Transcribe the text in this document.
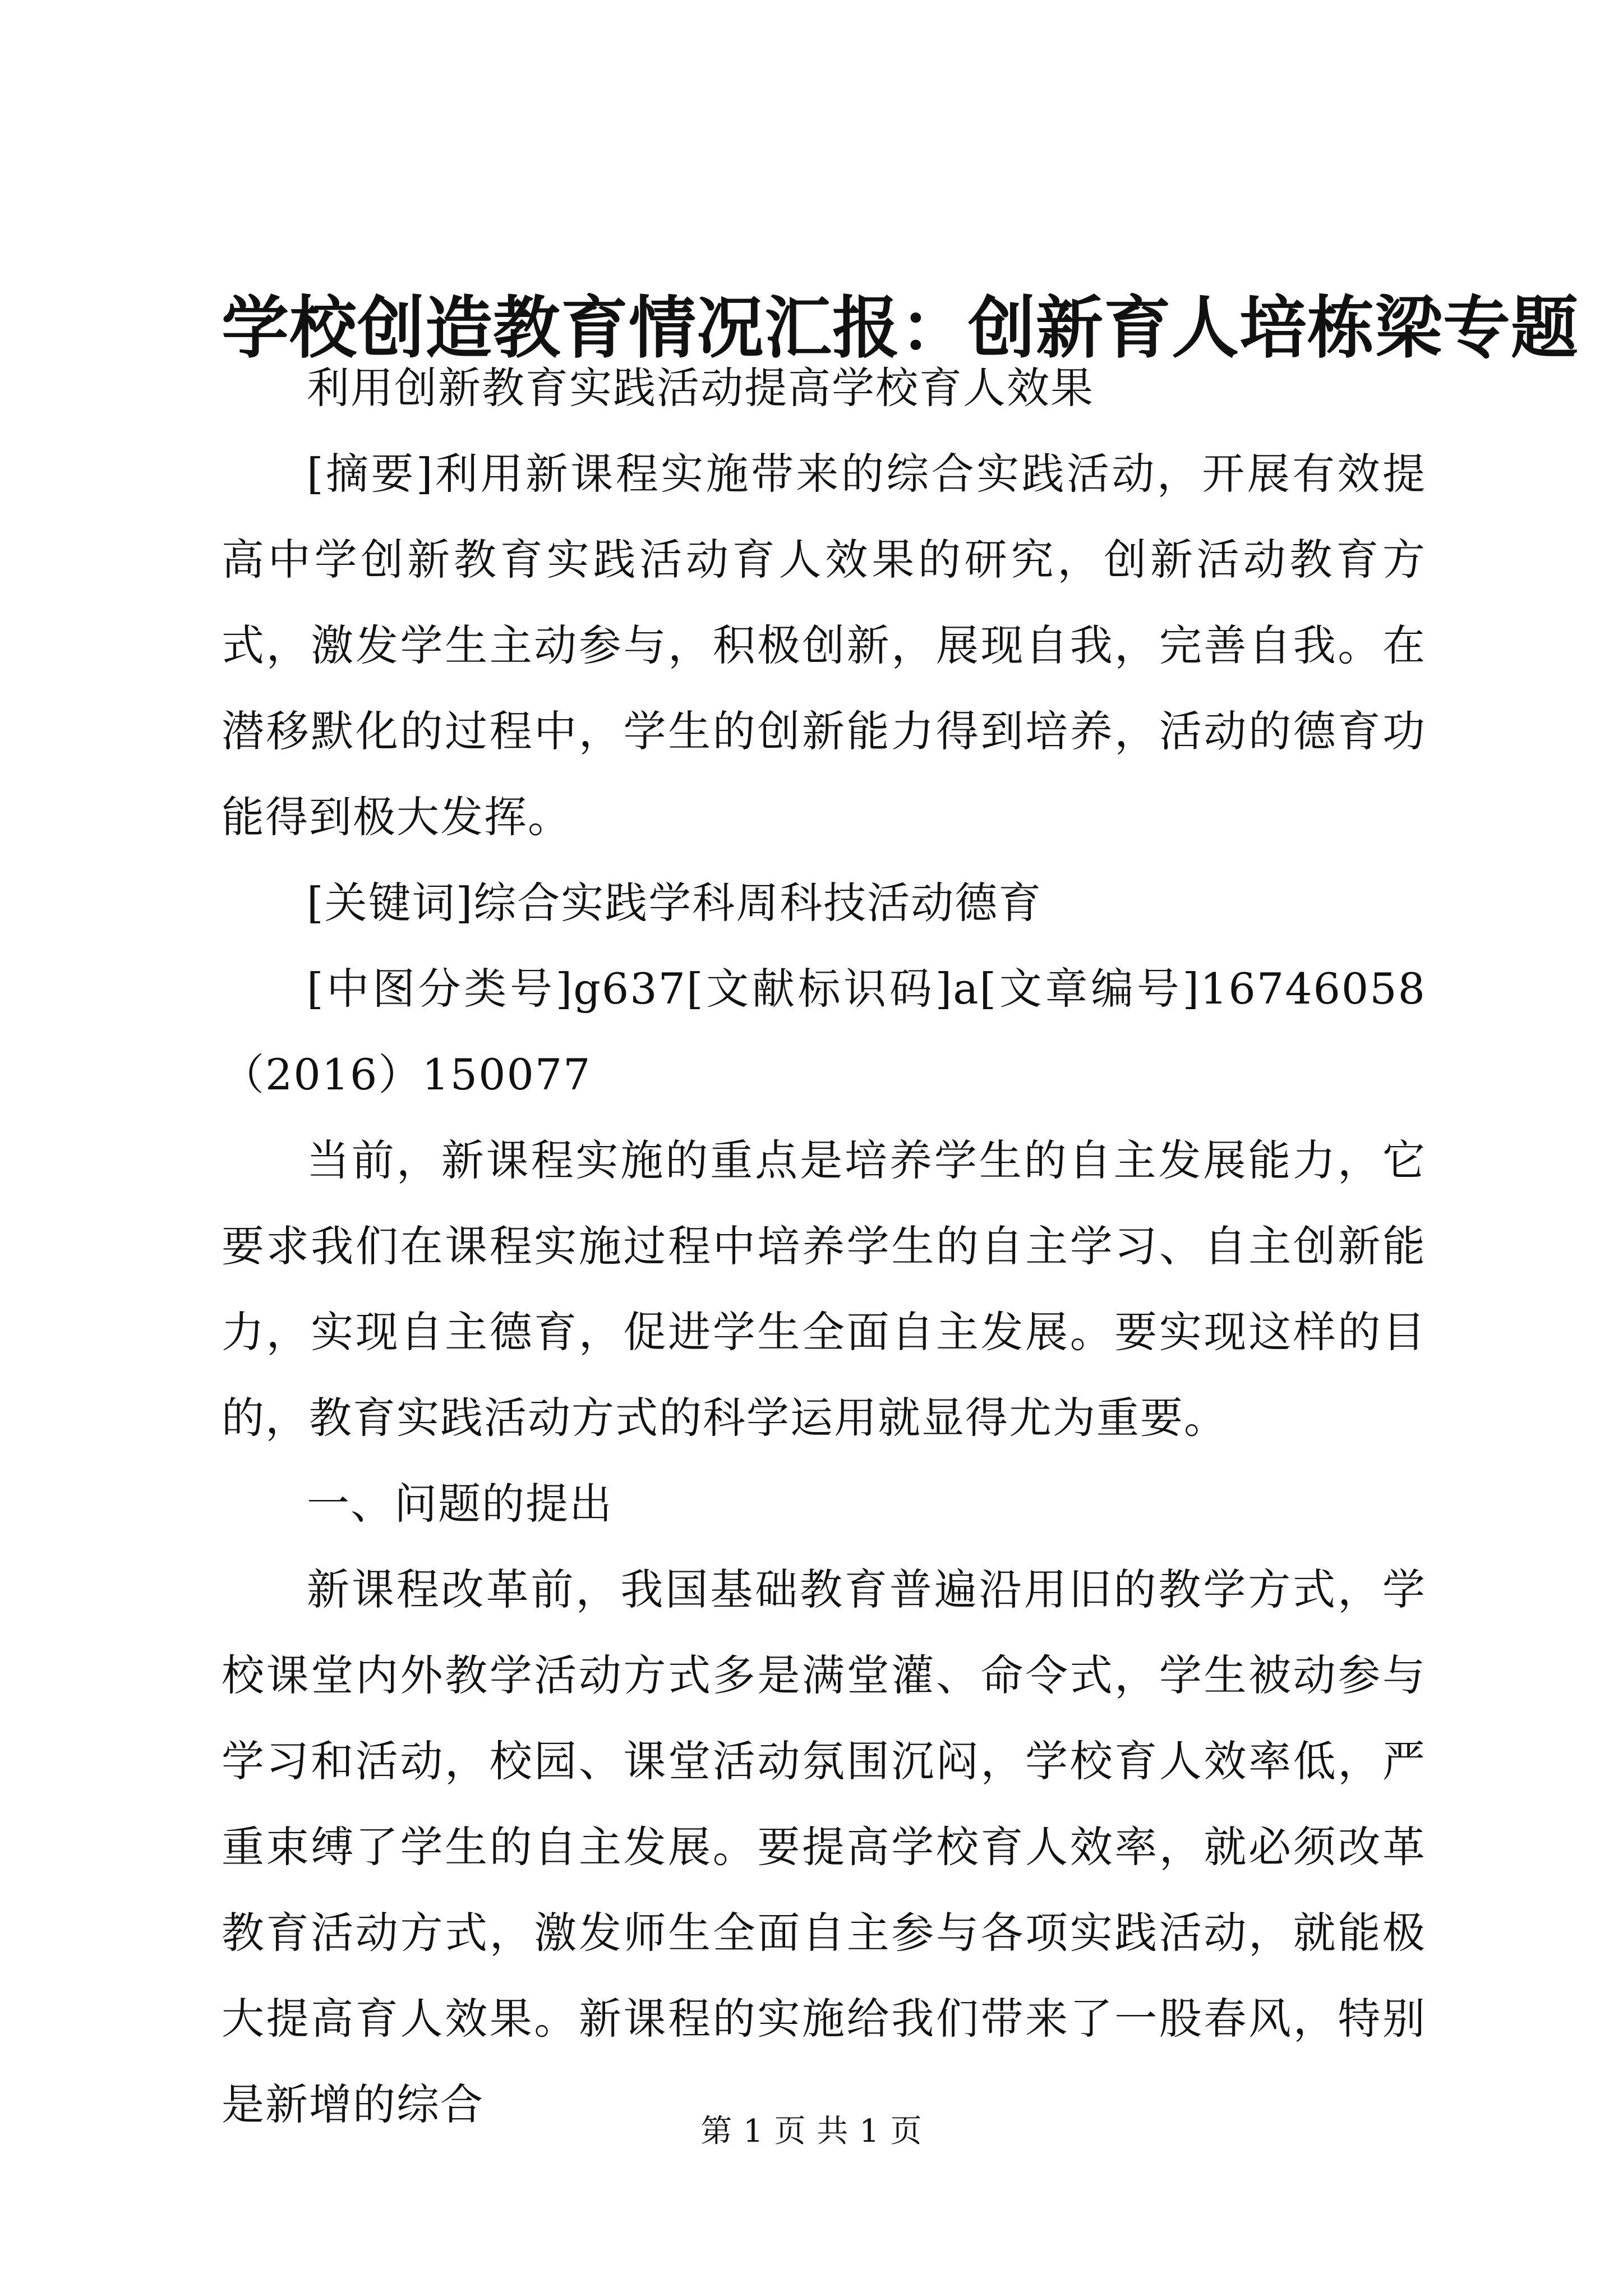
学校创造教育情况汇报：创新育人培栋梁专题

利用创新教育实践活动提高学校育人效果

[摘要]利用新课程实施带来的综合实践活动，开展有效提高中学创新教育实践活动育人效果的研究，创新活动教育方式，激发学生主动参与，积极创新，展现自我，完善自我。在潜移默化的过程中，学生的创新能力得到培养，活动的德育功能得到极大发挥。

[关键词]综合实践学科周科技活动德育

[中图分类号]g637[文献标识码]a[文章编号]16746058（2016）150077

当前，新课程实施的重点是培养学生的自主发展能力，它要求我们在课程实施过程中培养学生的自主学习、自主创新能力，实现自主德育，促进学生全面自主发展。要实现这样的目的，教育实践活动方式的科学运用就显得尤为重要。

一、问题的提出

新课程改革前，我国基础教育普遍沿用旧的教学方式，学校课堂内外教学活动方式多是满堂灌、命令式，学生被动参与学习和活动，校园、课堂活动氛围沉闷，学校育人效率低，严重束缚了学生的自主发展。要提高学校育人效率，就必须改革教育活动方式，激发师生全面自主参与各项实践活动，就能极大提高育人效果。新课程的实施给我们带来了一股春风，特别是新增的综合

第 1 页 共 1 页
